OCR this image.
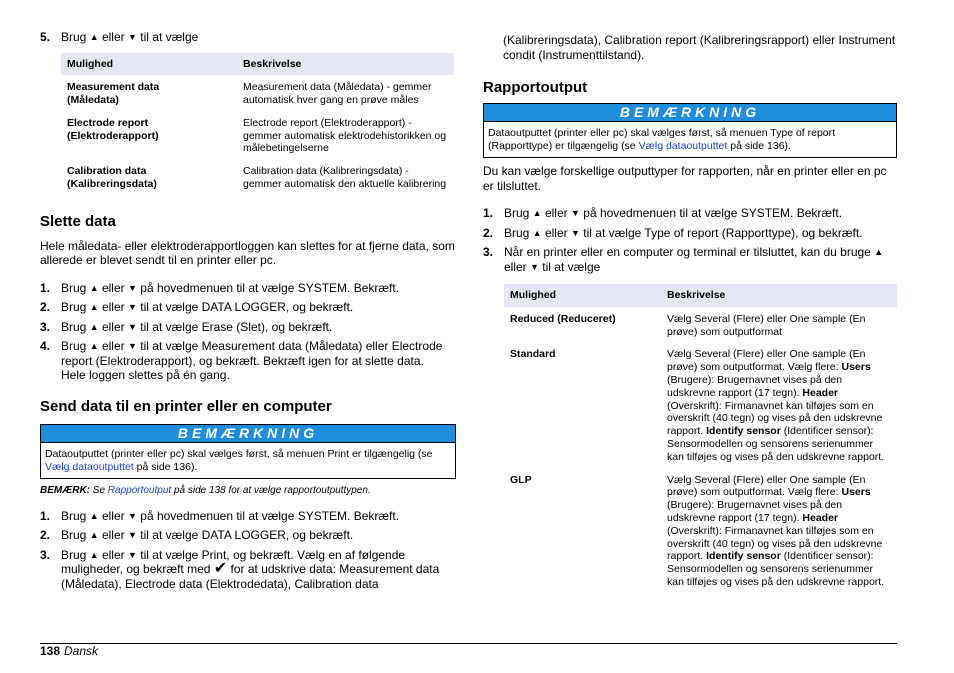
5. Brug ▲ eller ▼ til at vælge
Mulighed	Beskrivelse
Measurement data (Måledata)	Measurement data (Måledata) - gemmer automatisk hver gang en prøve måles
Electrode report (Elektroderapport)	Electrode report (Elektroderapport) - gemmer automatisk elektrodehistorikken og målebetingelserne
Calibration data (Kalibreringsdata)	Calibration data (Kalibreringsdata) - gemmer automatisk den aktuelle kalibrering
Slette data

Hele måledata- eller elektroderapportloggen kan slettes for at fjerne data, som allerede er blevet sendt til en printer eller pc.

1. Brug ▲ eller ▼ på hovedmenuen til at vælge SYSTEM. Bekræft.
2. Brug ▲ eller ▼ til at vælge DATA LOGGER, og bekræft.
3. Brug ▲ eller ▼ til at vælge Erase (Slet), og bekræft.
4. Brug ▲ eller ▼ til at vælge Measurement data (Måledata) eller Electrode report (Elektroderapport), og bekræft. Bekræft igen for at slette data.
Hele loggen slettes på én gang.
Send data til en printer eller en computer
BEMÆRKNING
Dataoutputtet (printer eller pc) skal vælges først, så menuen Print er tilgængelig (se Vælg dataoutputtet på side 136).
BEMÆRK: Se Rapportoutput på side 138 for at vælge rapportoutputtypen.
1. Brug ▲ eller ▼ på hovedmenuen til at vælge SYSTEM. Bekræft.
2. Brug ▲ eller ▼ til at vælge DATA LOGGER, og bekræft.
3. Brug ▲ eller ▼ til at vælge Print, og bekræft. Vælg en af følgende muligheder, og bekræft med ✔ for at udskrive data: Measurement data (Måledata), Electrode data (Elektrodedata), Calibration data

(Kalibreringsdata), Calibration report (Kalibreringsrapport) eller Instrument condit (Instrumenttilstand).

Rapportoutput
BEMÆRKNING
Dataoutputtet (printer eller pc) skal vælges først, så menuen Type of report (Rapporttype) er tilgængelig (se Vælg dataoutputtet på side 136).

Du kan vælge forskellige outputtyper for rapporten, når en printer eller en pc er tilsluttet.

1. Brug ▲ eller ▼ på hovedmenuen til at vælge SYSTEM. Bekræft.
2. Brug ▲ eller ▼ til at vælge Type of report (Rapporttype), og bekræft.
3. Når en printer eller en computer og terminal er tilsluttet, kan du bruge ▲ eller ▼ til at vælge
Mulighed	Beskrivelse
Reduced (Reduceret)	Vælg Several (Flere) eller One sample (En prøve) som outputformat
Standard	Vælg Several (Flere) eller One sample (En prøve) som outputformat. Vælg flere: Users (Brugere): Brugernavnet vises på den udskrevne rapport (17 tegn). Header (Overskrift): Firmanavnet kan tilføjes som en overskrift (40 tegn) og vises på den udskrevne rapport. Identify sensor (Identificer sensor): Sensormodellen og sensorens serienummer kan tilføjes og vises på den udskrevne rapport.
GLP	Vælg Several (Flere) eller One sample (En prøve) som outputformat. Vælg flere: Users (Brugere): Brugernavnet vises på den udskrevne rapport (17 tegn). Header (Overskrift): Firmanavnet kan tilføjes som en overskrift (40 tegn) og vises på den udskrevne rapport. Identify sensor (Identificer sensor): Sensormodellen og sensorens serienummer kan tilføjes og vises på den udskrevne rapport.
138 Dansk
